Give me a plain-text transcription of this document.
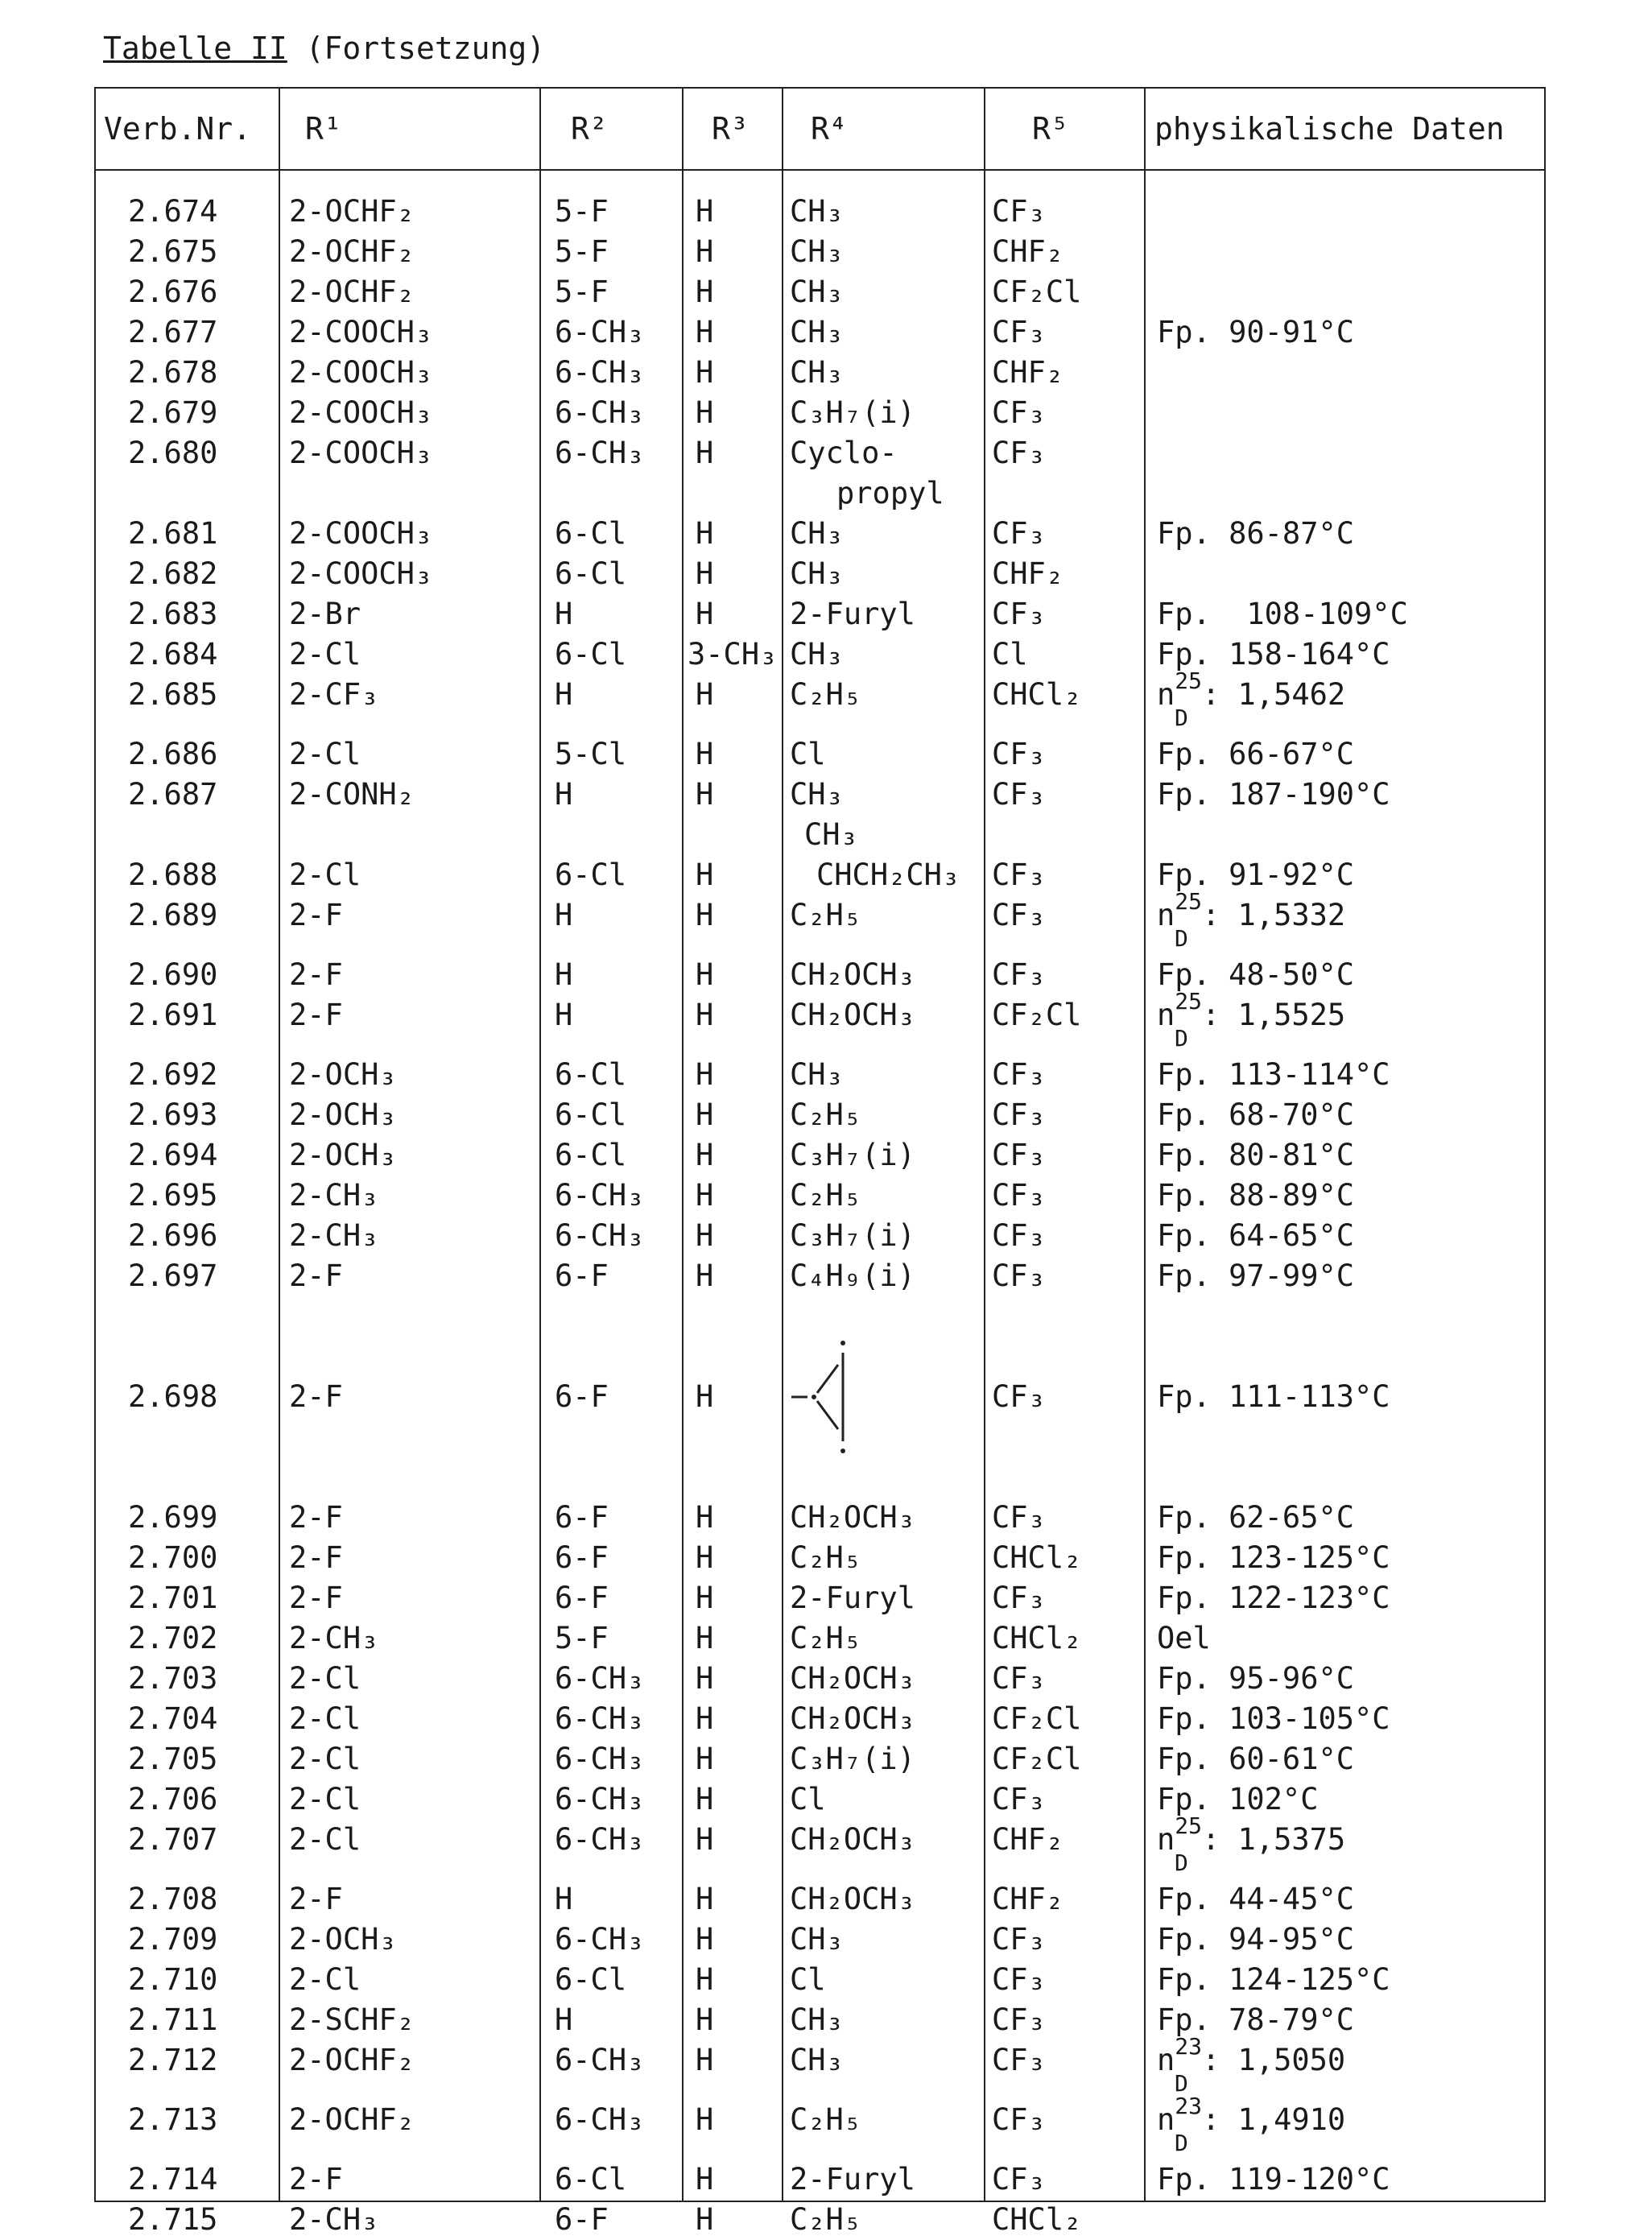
Tabelle II (Fortsetzung)
Verb.Nr. R¹	R²	R³ R⁴	R⁵	physikalische Daten
2.674 2-OCHF₂	5-F	H	CH₃	CF₃
2.675 2-OCHF₂	5-F	H	CH₃	CHF₂
2.676 2-OCHF₂	5-F	H	CH₃	CF₂Cl
2.677 2-COOCH₃	6-CH₃ H	CH₃	CF₃	Fp. 90-91°C
2.678 2-COOCH₃	6-CH₃ H	CH₃	CHF₂
2.679 2-COOCH₃	6-CH₃ H	C₃H₇(i)	CF₃
2.680 2-COOCH₃	6-CH₃ H	Cyclo-
propyl
CF₃
2.681 2-COOCH₃	6-Cl H	CH₃	CF₃	Fp. 86-87°C
2.682 2-COOCH₃	6-Cl H	CH₃	CHF₂
2.683 2-Br	H	H	2-Furyl	CF₃	Fp.  108-109°C
2.684 2-Cl	6-Cl 3-CH₃ CH₃	Cl	Fp. 158-164°C
2.685 2-CF₃	H	H	C₂H₅	CHCl₂	n25
D
: 1,5462
2.686 2-Cl	5-Cl H	Cl	CF₃	Fp. 66-67°C
2.687 2-CONH₂	H	H	CH₃	CF₃	Fp. 187-190°C
2.688 2-Cl	6-Cl H	CHCH₂CH₃
CH₃
CF₃	Fp. 91-92°C
2.689 2-F	H	H	C₂H₅	CF₃	n25
D
: 1,5332
2.690 2-F	H	H	CH₂OCH₃	CF₃	Fp. 48-50°C
2.691 2-F	H	H	CH₂OCH₃	CF₂Cl	n25
D
: 1,5525
2.692 2-OCH₃	6-Cl H	CH₃	CF₃	Fp. 113-114°C
2.693 2-OCH₃	6-Cl H	C₂H₅	CF₃	Fp. 68-70°C
2.694 2-OCH₃	6-Cl H	C₃H₇(i)	CF₃	Fp. 80-81°C
2.695 2-CH₃	6-CH₃ H	C₂H₅	CF₃	Fp. 88-89°C
2.696 2-CH₃	6-CH₃ H	C₃H₇(i)	CF₃	Fp. 64-65°C
2.697 2-F	6-F	H	C₄H₉(i)	CF₃	Fp. 97-99°C
2.698 2-F	6-F	H	CF₃	Fp. 111-113°C
2.699 2-F	6-F	H	CH₂OCH₃	CF₃	Fp. 62-65°C
2.700 2-F	6-F	H	C₂H₅	CHCl₂	Fp. 123-125°C
2.701 2-F	6-F	H	2-Furyl	CF₃	Fp. 122-123°C
2.702 2-CH₃	5-F	H	C₂H₅	CHCl₂	Oel
2.703 2-Cl	6-CH₃ H	CH₂OCH₃	CF₃	Fp. 95-96°C
2.704 2-Cl	6-CH₃ H	CH₂OCH₃	CF₂Cl	Fp. 103-105°C
2.705 2-Cl	6-CH₃ H	C₃H₇(i)	CF₂Cl	Fp. 60-61°C
2.706 2-Cl	6-CH₃ H	Cl	CF₃	Fp. 102°C
2.707 2-Cl	6-CH₃ H	CH₂OCH₃	CHF₂	n25
D
: 1,5375
2.708 2-F	H	H	CH₂OCH₃	CHF₂	Fp. 44-45°C
2.709 2-OCH₃	6-CH₃ H	CH₃	CF₃	Fp. 94-95°C
2.710 2-Cl	6-Cl H	Cl	CF₃	Fp. 124-125°C
2.711 2-SCHF₂	H	H	CH₃	CF₃	Fp. 78-79°C
2.712 2-OCHF₂	6-CH₃ H	CH₃	CF₃	n23
D
: 1,5050
2.713 2-OCHF₂	6-CH₃ H	C₂H₅	CF₃	n23
D
: 1,4910
2.714 2-F	6-Cl H	2-Furyl	CF₃	Fp. 119-120°C
2.715 2-CH₃	6-F	H	C₂H₅	CHCl₂
